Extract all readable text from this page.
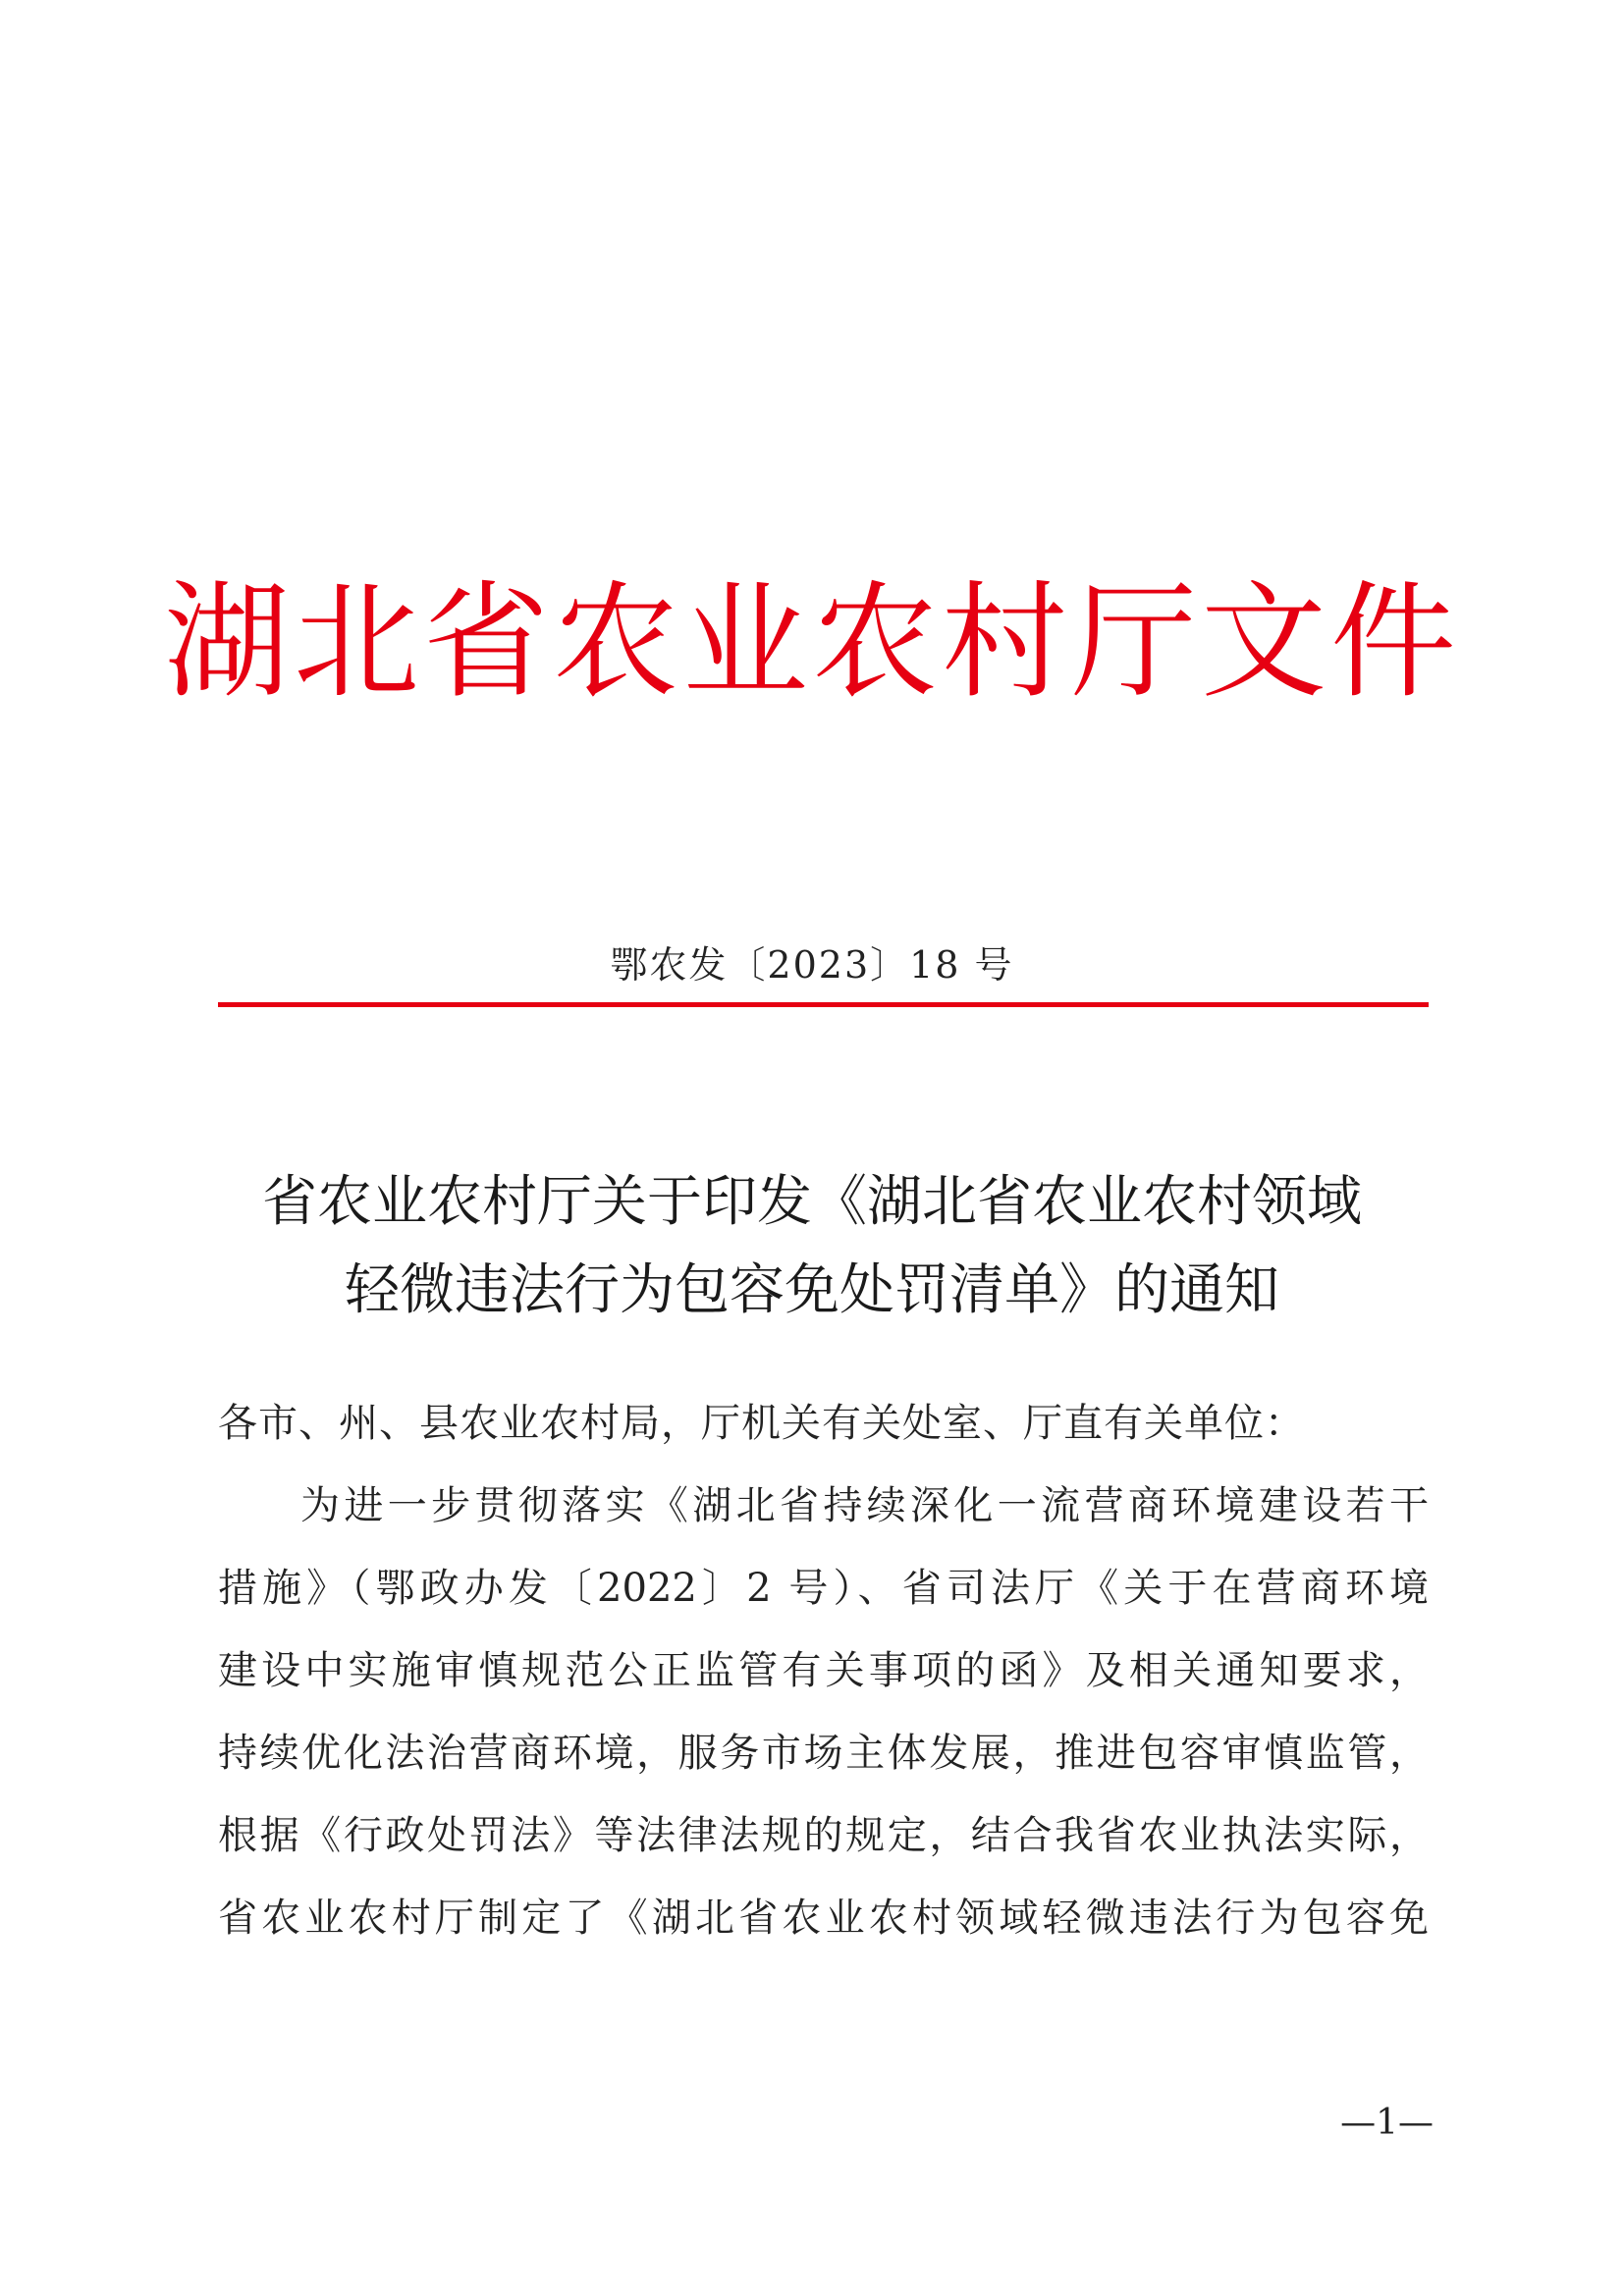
湖北省农业农村厅文件
鄂农发〔2023〕18 号
省农业农村厅关于印发《湖北省农业农村领域
轻微违法行为包容免处罚清单》的通知
各市、州、县农业农村局，厅机关有关处室、厅直有关单位：
为进一步贯彻落实《湖北省持续深化一流营商环境建设若干
措施》（鄂政办发〔2022〕2 号）、省司法厅《关于在营商环境
建设中实施审慎规范公正监管有关事项的函》及相关通知要求，
持续优化法治营商环境，服务市场主体发展，推进包容审慎监管，
根据《行政处罚法》等法律法规的规定，结合我省农业执法实际，
省农业农村厅制定了《湖北省农业农村领域轻微违法行为包容免
—1—
